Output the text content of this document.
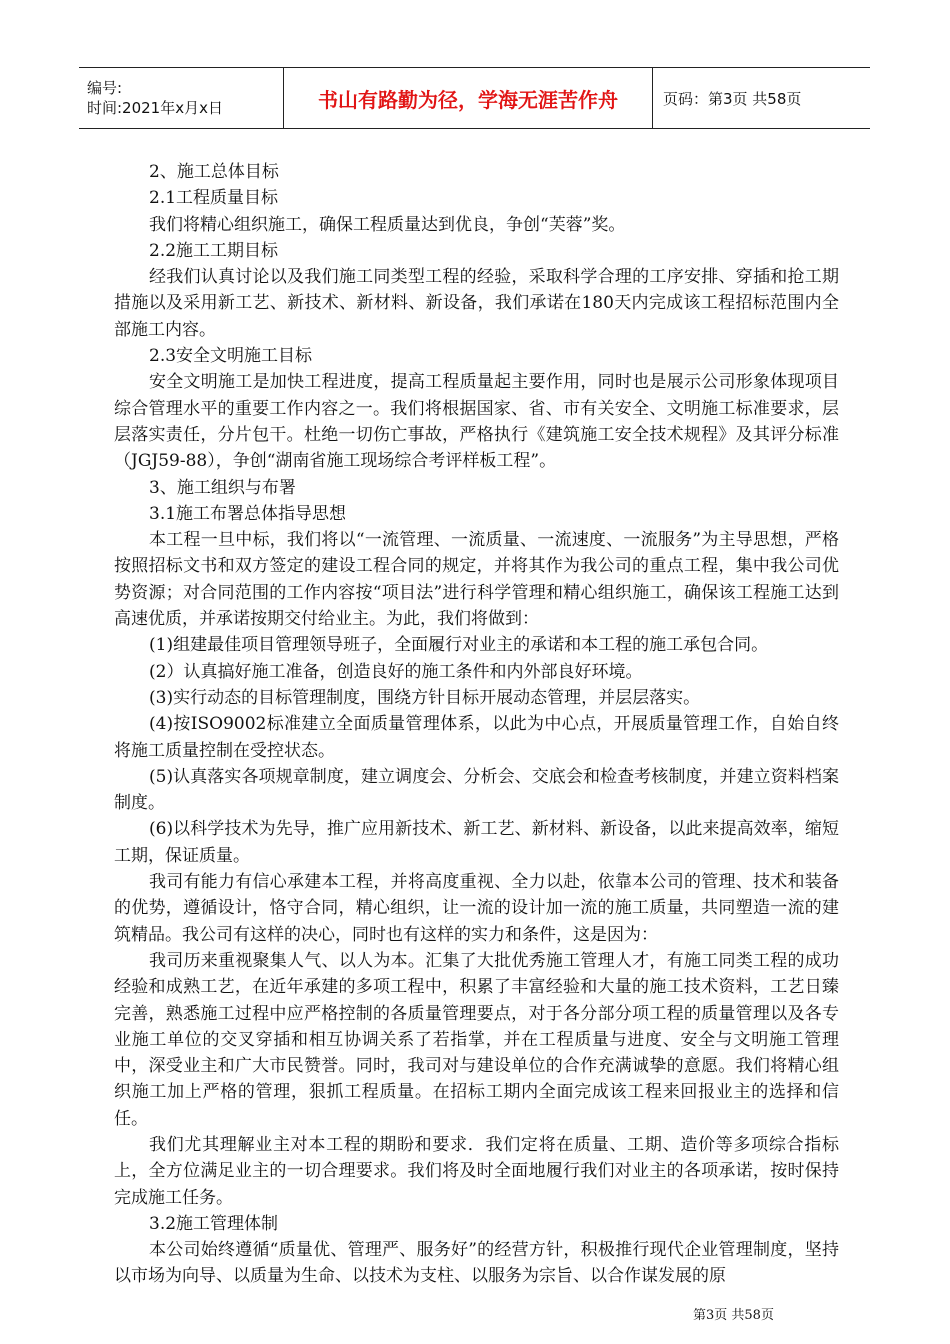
编号:
时间:2021年x月x日	书山有路勤为径，学海无涯苦作舟	页码：第3页 共58页

2、施工总体目标

2.1工程质量目标

我们将精心组织施工，确保工程质量达到优良，争创“芙蓉”奖。

2.2施工工期目标

经我们认真讨论以及我们施工同类型工程的经验，采取科学合理的工序安排、穿插和抢工期措施以及采用新工艺、新技术、新材料、新设备，我们承诺在180天内完成该工程招标范围内全部施工内容。

2.3安全文明施工目标

安全文明施工是加快工程进度，提高工程质量起主要作用，同时也是展示公司形象体现项目综合管理水平的重要工作内容之一。我们将根据国家、省、市有关安全、文明施工标准要求，层层落实责任，分片包干。杜绝一切伤亡事故，严格执行《建筑施工安全技术规程》及其评分标准（JGJ59-88），争创“湖南省施工现场综合考评样板工程”。

3、施工组织与布署

3.1施工布署总体指导思想

本工程一旦中标，我们将以“一流管理、一流质量、一流速度、一流服务”为主导思想，严格按照招标文书和双方签定的建设工程合同的规定，并将其作为我公司的重点工程，集中我公司优势资源；对合同范围的工作内容按“项目法”进行科学管理和精心组织施工，确保该工程施工达到高速优质，并承诺按期交付给业主。为此，我们将做到：

(1)组建最佳项目管理领导班子，全面履行对业主的承诺和本工程的施工承包合同。

(2）认真搞好施工准备，创造良好的施工条件和内外部良好环境。

(3)实行动态的目标管理制度，围绕方针目标开展动态管理，并层层落实。

(4)按ISO9002标准建立全面质量管理体系，以此为中心点，开展质量管理工作，自始自终将施工质量控制在受控状态。

(5)认真落实各项规章制度，建立调度会、分析会、交底会和检查考核制度，并建立资料档案制度。

(6)以科学技术为先导，推广应用新技术、新工艺、新材料、新设备，以此来提高效率，缩短工期，保证质量。

我司有能力有信心承建本工程，并将高度重视、全力以赴，依靠本公司的管理、技术和装备的优势，遵循设计，恪守合同，精心组织，让一流的设计加一流的施工质量，共同塑造一流的建筑精品。我公司有这样的决心，同时也有这样的实力和条件，这是因为：

我司历来重视聚集人气、以人为本。汇集了大批优秀施工管理人才，有施工同类工程的成功经验和成熟工艺，在近年承建的多项工程中，积累了丰富经验和大量的施工技术资料，工艺日臻完善，熟悉施工过程中应严格控制的各质量管理要点，对于各分部分项工程的质量管理以及各专业施工单位的交叉穿插和相互协调关系了若指掌，并在工程质量与进度、安全与文明施工管理中，深受业主和广大市民赞誉。同时，我司对与建设单位的合作充满诚挚的意愿。我们将精心组织施工加上严格的管理，狠抓工程质量。在招标工期内全面完成该工程来回报业主的选择和信任。

我们尤其理解业主对本工程的期盼和要求．我们定将在质量、工期、造价等多项综合指标上，全方位满足业主的一切合理要求。我们将及时全面地履行我们对业主的各项承诺，按时保持完成施工任务。

3.2施工管理体制

本公司始终遵循“质量优、管理严、服务好”的经营方针，积极推行现代企业管理制度，坚持以市场为向导、以质量为生命、以技术为支柱、以服务为宗旨、以合作谋发展的原

第3页 共58页
